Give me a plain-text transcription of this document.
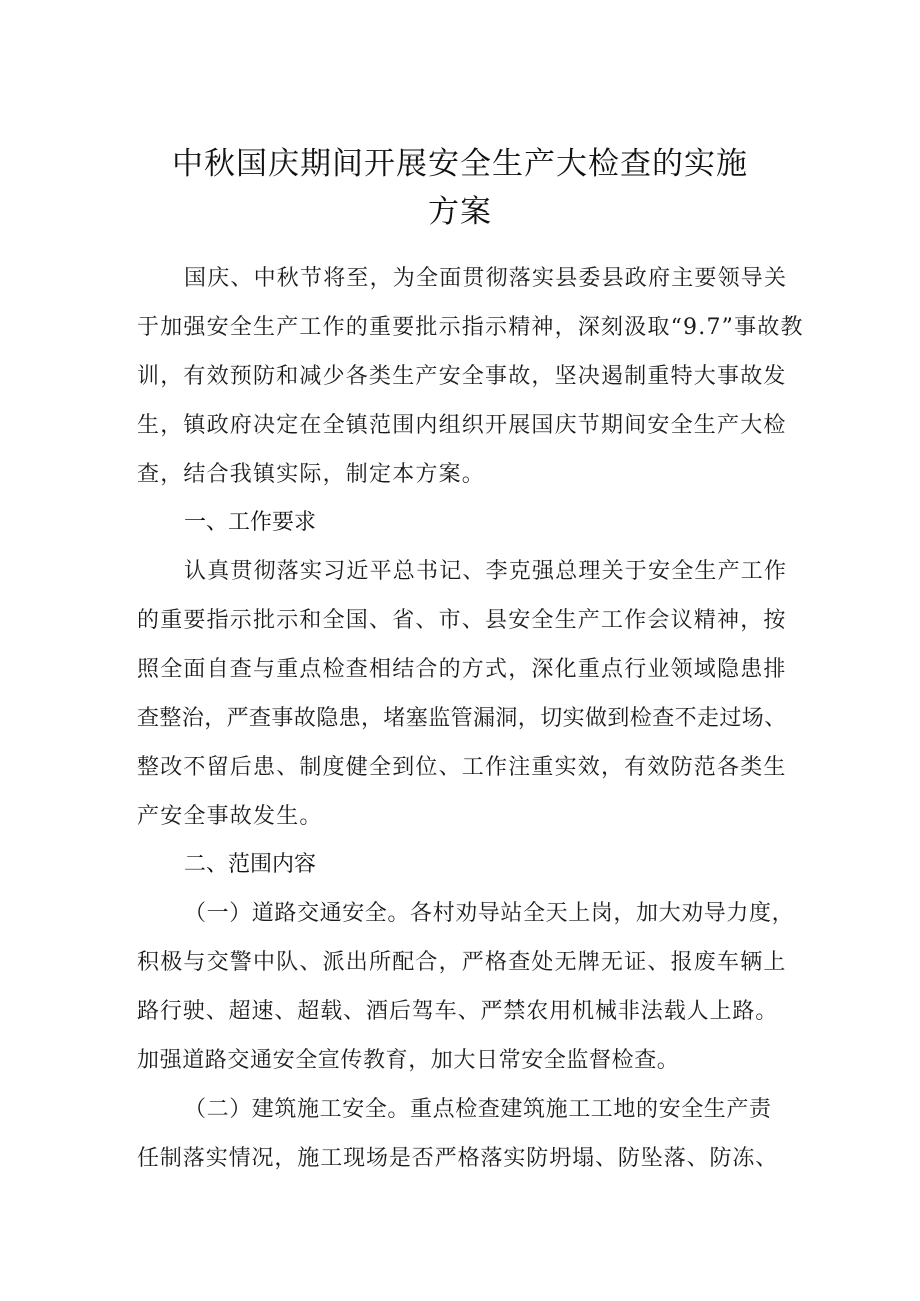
中秋国庆期间开展安全生产大检查的实施
方案
国庆、中秋节将至，为全面贯彻落实县委县政府主要领导关
于加强安全生产工作的重要批示指示精神，深刻汲取“9.7”事故教
训，有效预防和减少各类生产安全事故，坚决遏制重特大事故发
生，镇政府决定在全镇范围内组织开展国庆节期间安全生产大检
查，结合我镇实际，制定本方案。
一、工作要求
认真贯彻落实习近平总书记、李克强总理关于安全生产工作
的重要指示批示和全国、省、市、县安全生产工作会议精神，按
照全面自查与重点检查相结合的方式，深化重点行业领域隐患排
查整治，严查事故隐患，堵塞监管漏洞，切实做到检查不走过场、
整改不留后患、制度健全到位、工作注重实效，有效防范各类生
产安全事故发生。
二、范围内容
（一）道路交通安全。各村劝导站全天上岗，加大劝导力度，
积极与交警中队、派出所配合，严格查处无牌无证、报废车辆上
路行驶、超速、超载、酒后驾车、严禁农用机械非法载人上路。
加强道路交通安全宣传教育，加大日常安全监督检查。
（二）建筑施工安全。重点检查建筑施工工地的安全生产责
任制落实情况，施工现场是否严格落实防坍塌、防坠落、防冻、
